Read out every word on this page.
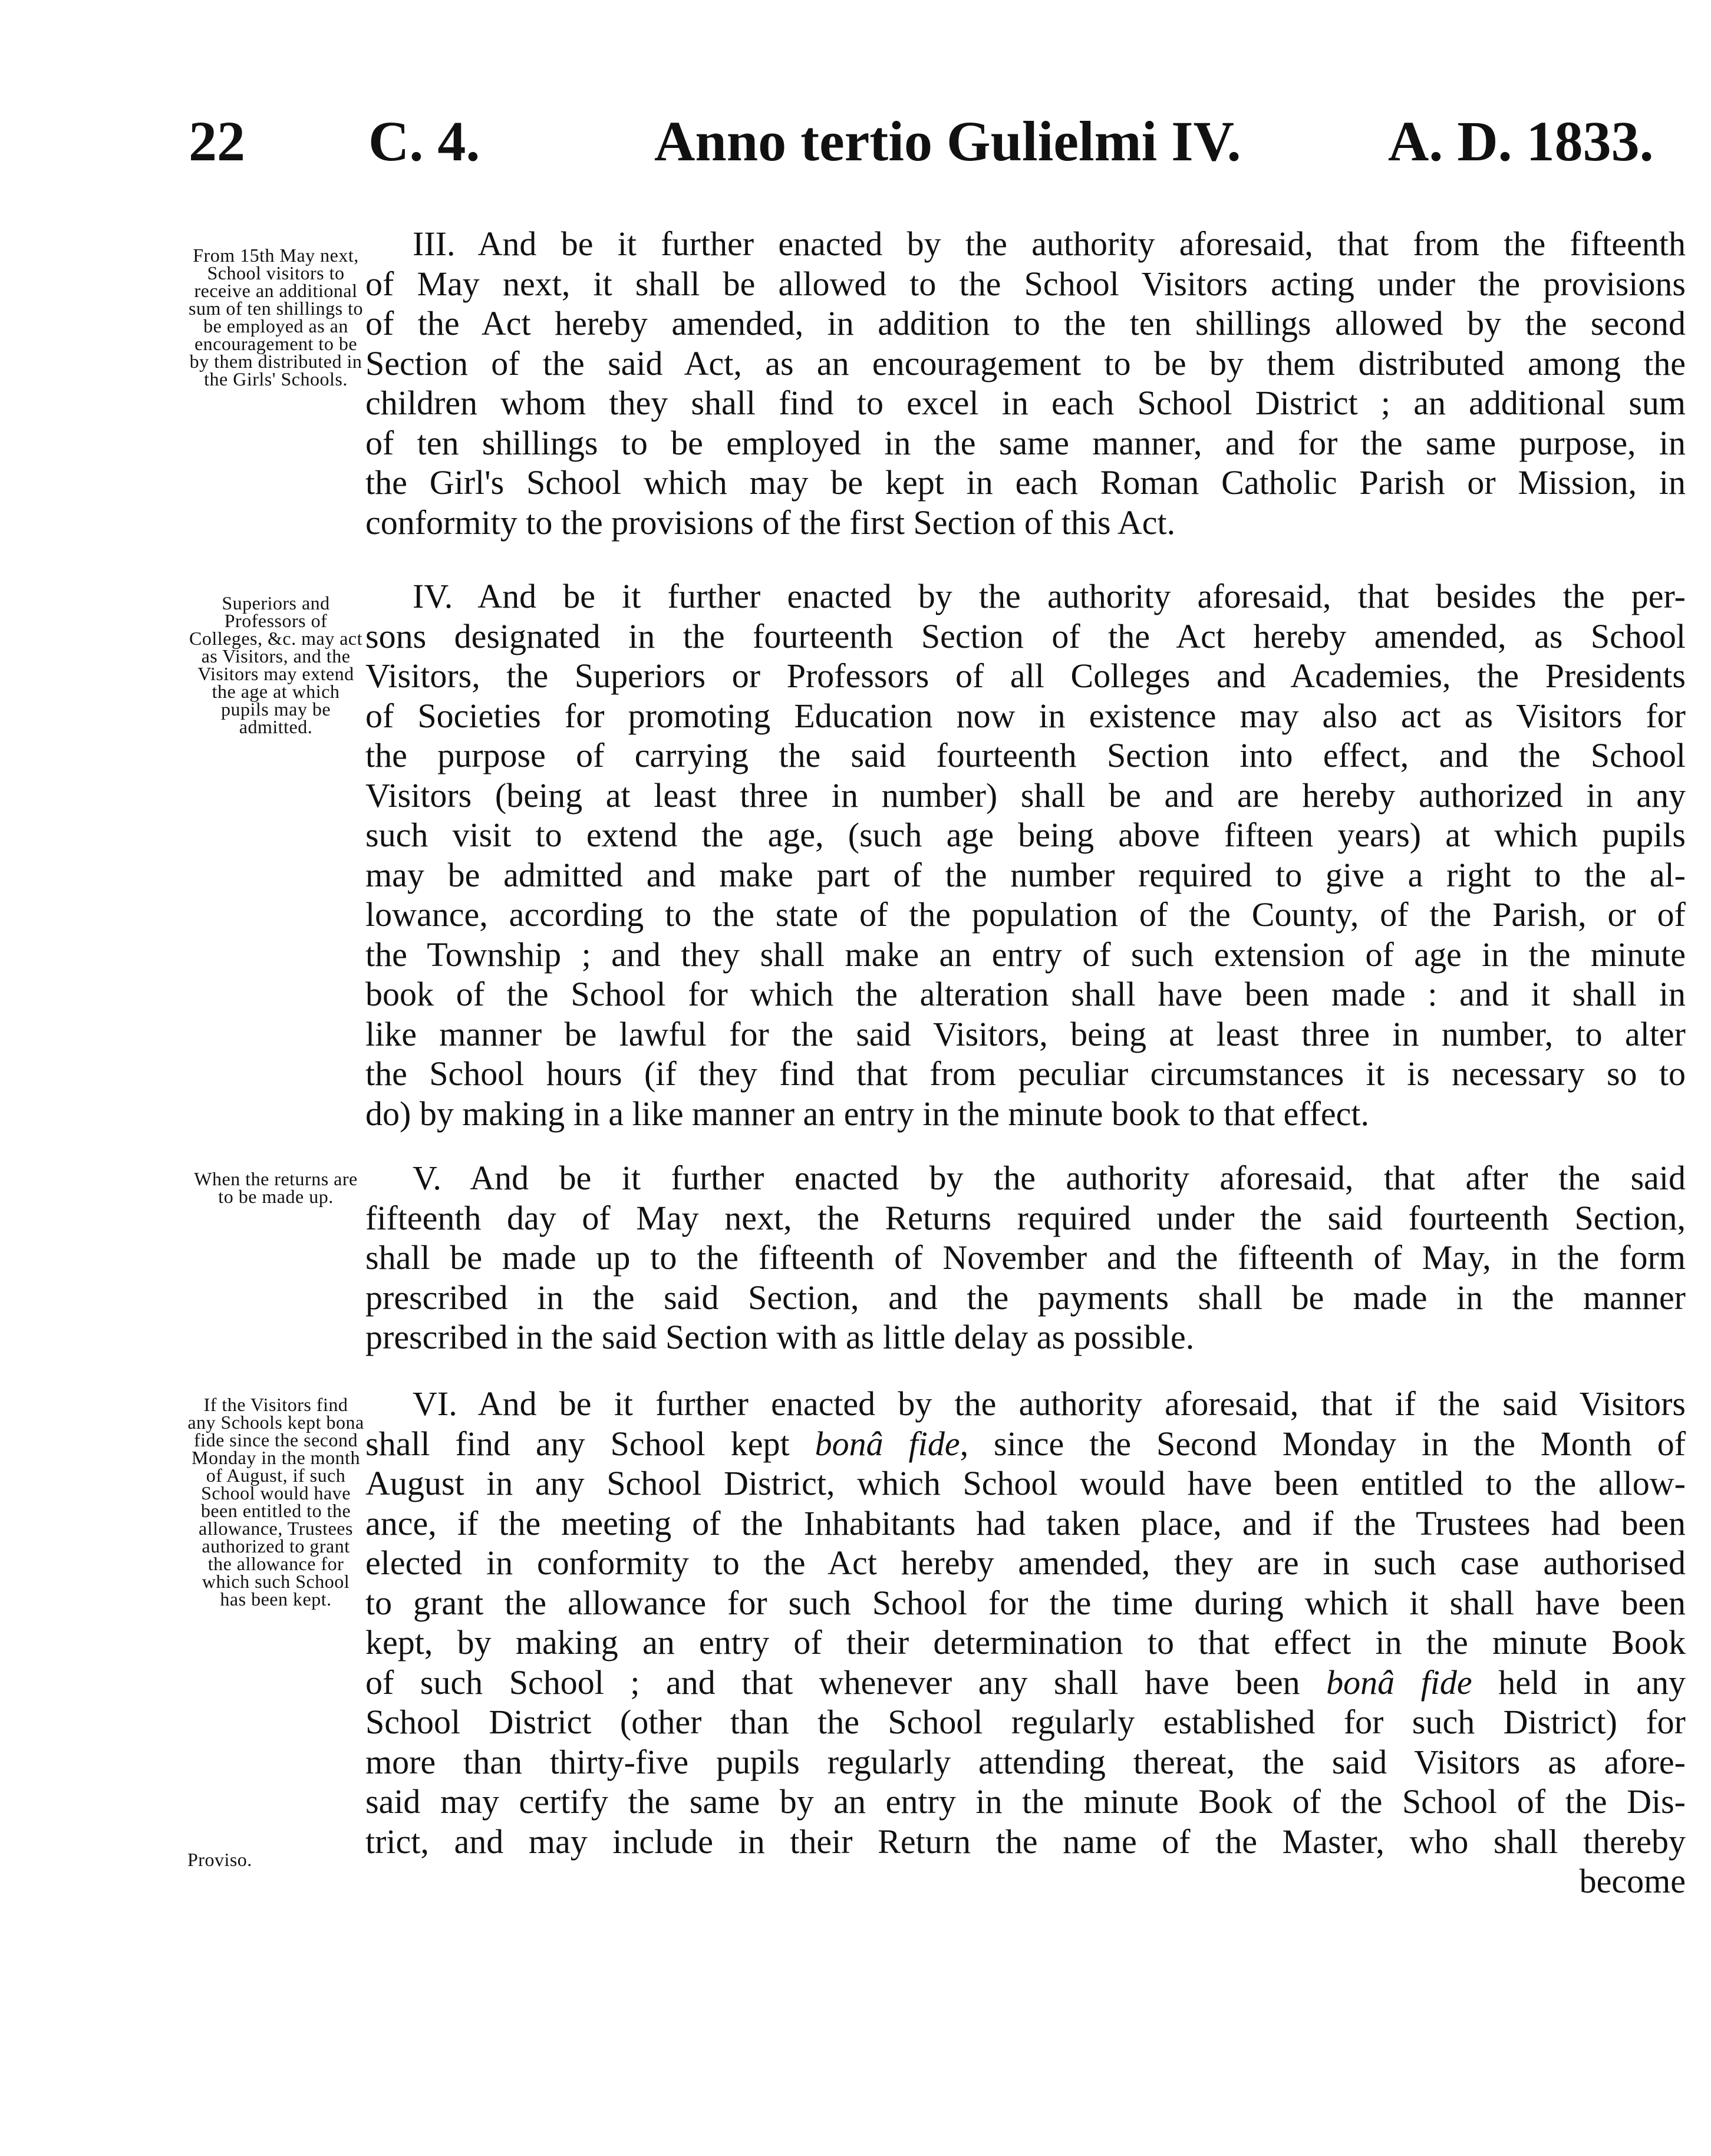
22 C. 4.	Anno tertio Gulielmi IV.	A. D. 1833.
From 15th May next, School visitors to receive an additional sum of ten shillings to be employed as an encouragement to be by them distributed in the Girls' Schools.
Superiors and Professors of Colleges, &c. may act as Visitors, and the Visitors may extend the age at which pupils may be admitted.
When the returns are to be made up.
If the Visitors find any Schools kept bona fide since the second Monday in the month of August, if such School would have been entitled to the allowance, Trustees authorized to grant the allowance for which such School has been kept.
Proviso.
III. And be it further enacted by the authority aforesaid, that from the fifteenth
of May next, it shall be allowed to the School Visitors acting under the provisions
of the Act hereby amended, in addition to the ten shillings allowed by the second
Section of the said Act, as an encouragement to be by them distributed among the
children whom they shall find to excel in each School District ; an additional sum
of ten shillings to be employed in the same manner, and for the same purpose, in
the Girl's School which may be kept in each Roman Catholic Parish or Mission, in
conformity to the provisions of the first Section of this Act.
IV. And be it further enacted by the authority aforesaid, that besides the per-
sons designated in the fourteenth Section of the Act hereby amended, as School
Visitors, the Superiors or Professors of all Colleges and Academies, the Presidents
of Societies for promoting Education now in existence may also act as Visitors for
the purpose of carrying the said fourteenth Section into effect, and the School
Visitors (being at least three in number) shall be and are hereby authorized in any
such visit to extend the age, (such age being above fifteen years) at which pupils
may be admitted and make part of the number required to give a right to the al-
lowance, according to the state of the population of the County, of the Parish, or of
the Township ; and they shall make an entry of such extension of age in the minute
book of the School for which the alteration shall have been made : and it shall in
like manner be lawful for the said Visitors, being at least three in number, to alter
the School hours (if they find that from peculiar circumstances it is necessary so to
do) by making in a like manner an entry in the minute book to that effect.
V. And be it further enacted by the authority aforesaid, that after the said
fifteenth day of May next, the Returns required under the said fourteenth Section,
shall be made up to the fifteenth of November and the fifteenth of May, in the form
prescribed in the said Section, and the payments shall be made in the manner
prescribed in the said Section with as little delay as possible.
VI. And be it further enacted by the authority aforesaid, that if the said Visitors
shall find any School kept bonâ fide, since the Second Monday in the Month of
August in any School District, which School would have been entitled to the allow-
ance, if the meeting of the Inhabitants had taken place, and if the Trustees had been
elected in conformity to the Act hereby amended, they are in such case authorised
to grant the allowance for such School for the time during which it shall have been
kept, by making an entry of their determination to that effect in the minute Book
of such School ; and that whenever any shall have been bonâ fide held in any
School District (other than the School regularly established for such District) for
more than thirty-five pupils regularly attending thereat, the said Visitors as afore-
said may certify the same by an entry in the minute Book of the School of the Dis-
trict, and may include in their Return the name of the Master, who shall thereby
become
